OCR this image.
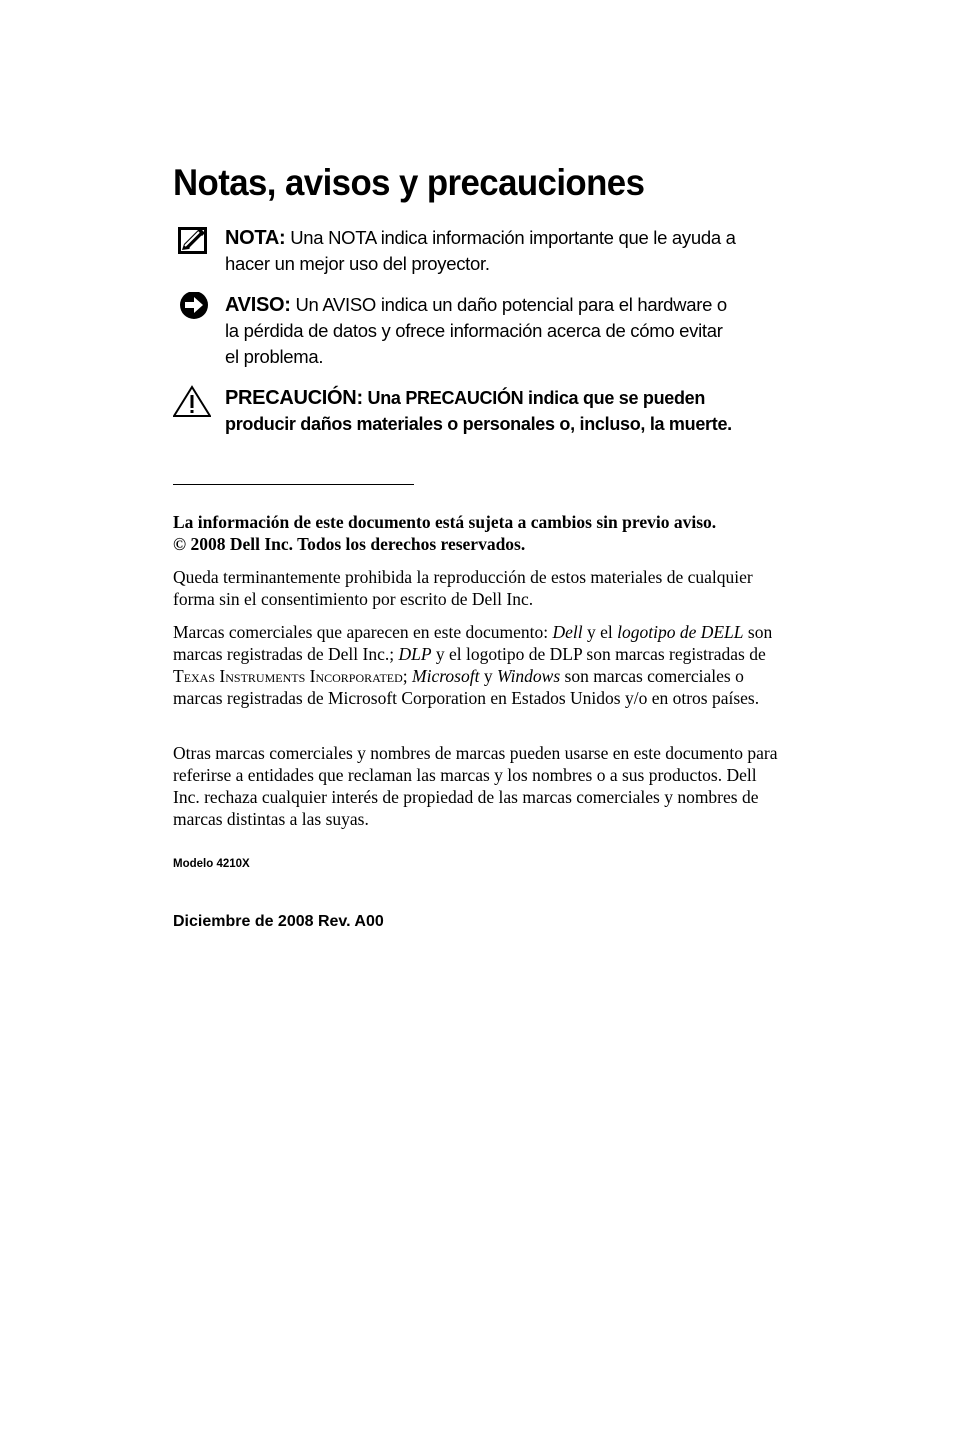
Notas, avisos y precauciones
NOTA: Una NOTA indica información importante que le ayuda a
hacer un mejor uso del proyector.
AVISO: Un AVISO indica un daño potencial para el hardware o
la pérdida de datos y ofrece información acerca de cómo evitar
el problema.
PRECAUCIÓN: Una PRECAUCIÓN indica que se pueden
producir daños materiales o personales o, incluso, la muerte.

La información de este documento está sujeta a cambios sin previo aviso.
© 2008 Dell Inc. Todos los derechos reservados.

Queda terminantemente prohibida la reproducción de estos materiales de cualquier forma sin el consentimiento por escrito de Dell Inc.

Marcas comerciales que aparecen en este documento: Dell y el logotipo de DELL son marcas registradas de Dell Inc.; DLP y el logotipo de DLP son marcas registradas de Texas Instruments Incorporated; Microsoft y Windows son marcas comerciales o marcas registradas de Microsoft Corporation en Estados Unidos y/o en otros países.

Otras marcas comerciales y nombres de marcas pueden usarse en este documento para referirse a entidades que reclaman las marcas y los nombres o a sus productos. Dell Inc. rechaza cualquier interés de propiedad de las marcas comerciales y nombres de marcas distintas a las suyas.

Modelo 4210X
Diciembre de 2008 Rev. A00
